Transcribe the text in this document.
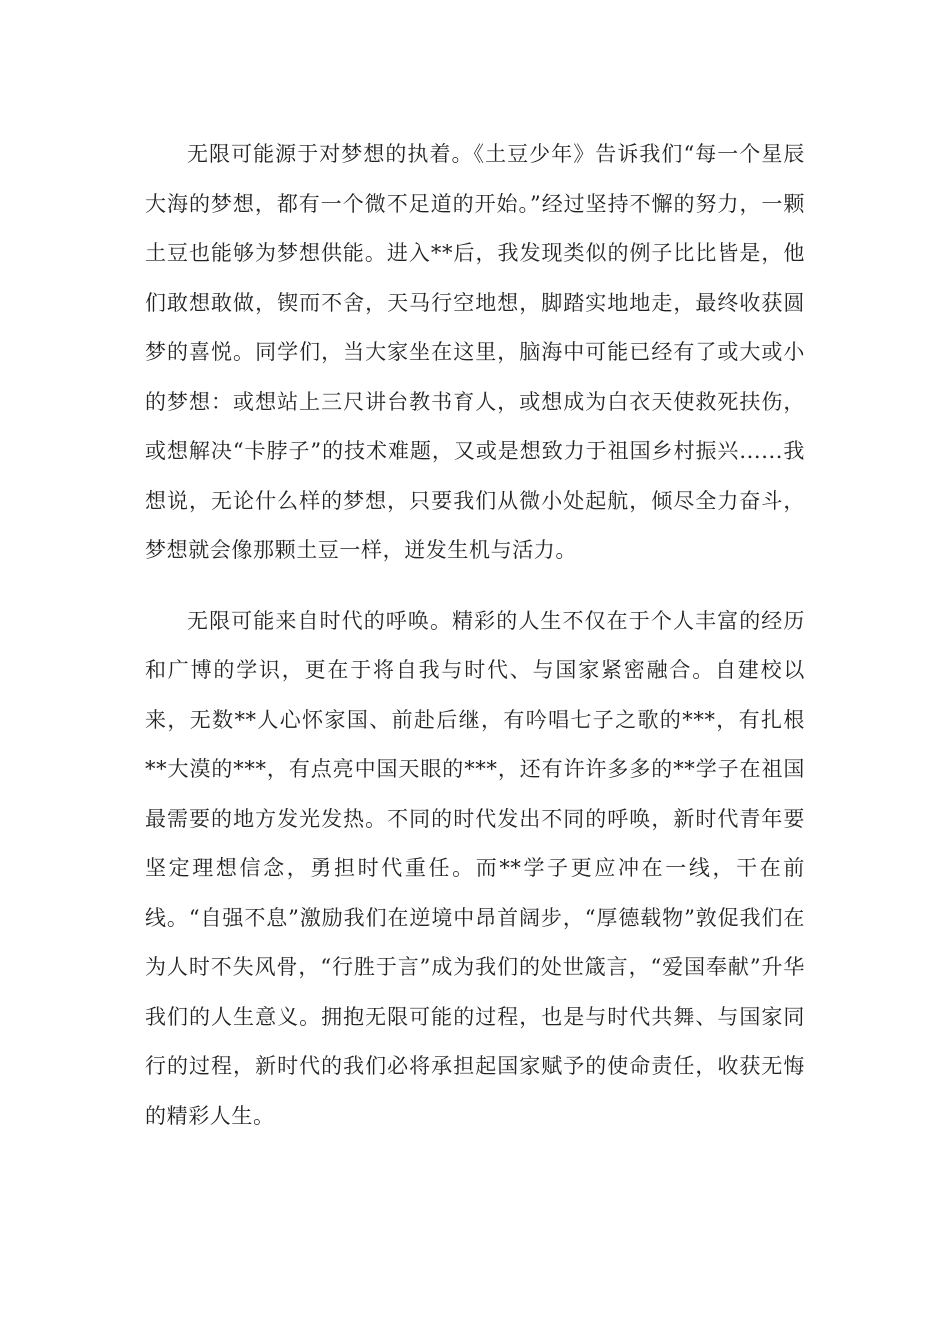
无限可能源于对梦想的执着。《土豆少年》告诉我们“每一个星辰大海的梦想，都有一个微不足道的开始。”经过坚持不懈的努力，一颗土豆也能够为梦想供能。进入**后，我发现类似的例子比比皆是，他们敢想敢做，锲而不舍，天马行空地想，脚踏实地地走，最终收获圆梦的喜悦。同学们，当大家坐在这里，脑海中可能已经有了或大或小的梦想：或想站上三尺讲台教书育人，或想成为白衣天使救死扶伤，或想解决“卡脖子”的技术难题，又或是想致力于祖国乡村振兴......我想说，无论什么样的梦想，只要我们从微小处起航，倾尽全力奋斗，梦想就会像那颗土豆一样，迸发生机与活力。

无限可能来自时代的呼唤。精彩的人生不仅在于个人丰富的经历和广博的学识，更在于将自我与时代、与国家紧密融合。自建校以来，无数**人心怀家国、前赴后继，有吟唱七子之歌的***，有扎根**大漠的***，有点亮中国天眼的***，还有许许多多的**学子在祖国最需要的地方发光发热。不同的时代发出不同的呼唤，新时代青年要坚定理想信念，勇担时代重任。而**学子更应冲在一线，干在前线。“自强不息”激励我们在逆境中昂首阔步，“厚德载物”敦促我们在为人时不失风骨，“行胜于言”成为我们的处世箴言，“爱国奉献”升华我们的人生意义。拥抱无限可能的过程，也是与时代共舞、与国家同行的过程，新时代的我们必将承担起国家赋予的使命责任，收获无悔的精彩人生。
